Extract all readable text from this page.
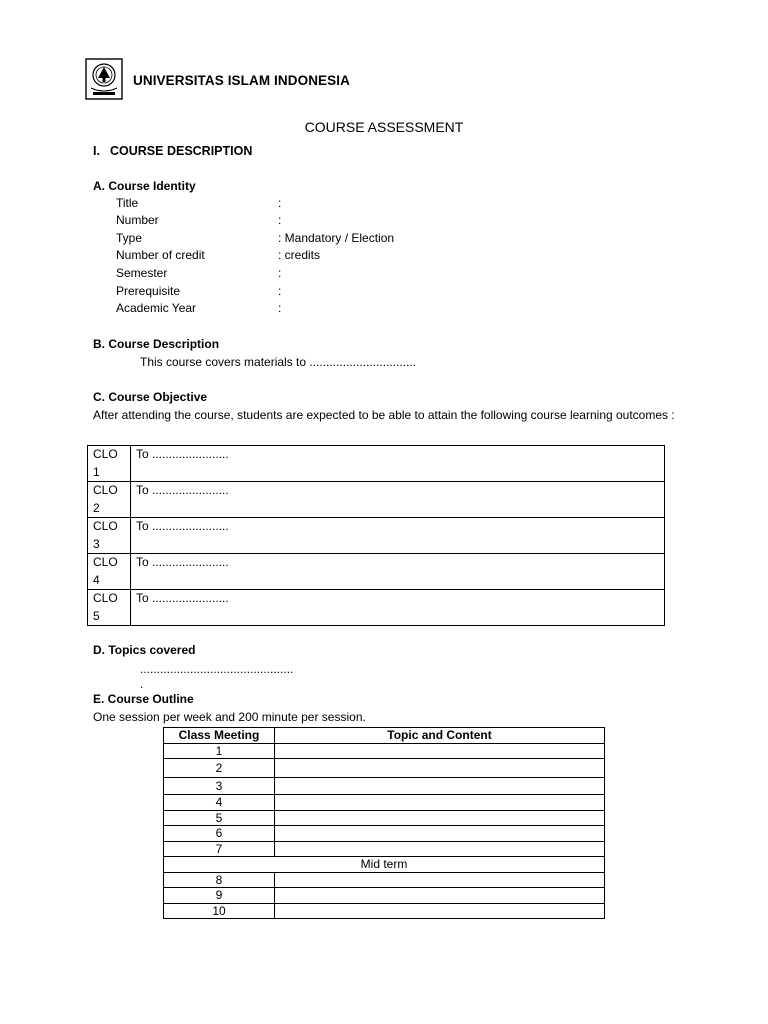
UNIVERSITAS ISLAM INDONESIA
COURSE ASSESSMENT
I. COURSE DESCRIPTION
A. Course Identity
Title	:
Number	:
Type	: Mandatory / Election
Number of credit	: credits
Semester	:
Prerequisite	:
Academic Year	:
B. Course Description
This course covers materials to ................................
C. Course Objective
After attending the course, students are expected to be able to attain the following course learning outcomes :
CLO 1	To .......................
CLO 2	To .......................
CLO 3	To .......................
CLO 4	To .......................
CLO 5	To .......................
D. Topics covered
..............................................
.
E. Course Outline
One session per week and 200 minute per session.
Class Meeting	Topic and Content
1	
2	
3	
4	
5	
6	
7	
Mid term	
8	
9	
10	
